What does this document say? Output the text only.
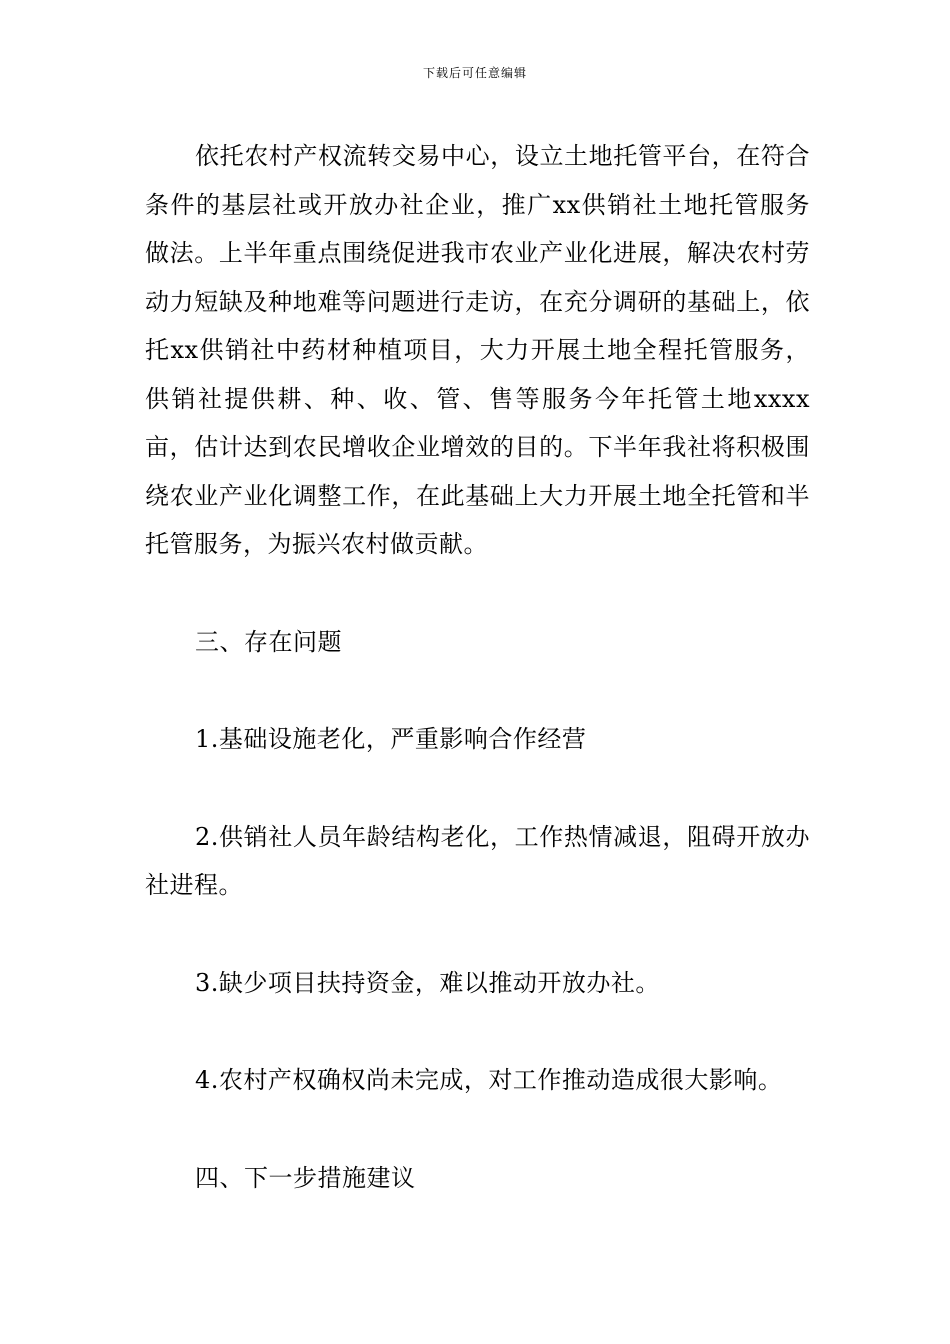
下载后可任意编辑

依托农村产权流转交易中心，设立土地托管平台，在符合条件的基层社或开放办社企业，推广xx供销社土地托管服务做法。上半年重点围绕促进我市农业产业化进展，解决农村劳动力短缺及种地难等问题进行走访，在充分调研的基础上，依托xx供销社中药材种植项目，大力开展土地全程托管服务，供销社提供耕、种、收、管、售等服务今年托管土地xxxx亩，估计达到农民增收企业增效的目的。下半年我社将积极围绕农业产业化调整工作，在此基础上大力开展土地全托管和半托管服务，为振兴农村做贡献。

三、存在问题

1.基础设施老化，严重影响合作经营

2.供销社人员年龄结构老化，工作热情减退，阻碍开放办社进程。

3.缺少项目扶持资金，难以推动开放办社。

4.农村产权确权尚未完成，对工作推动造成很大影响。

四、下一步措施建议
